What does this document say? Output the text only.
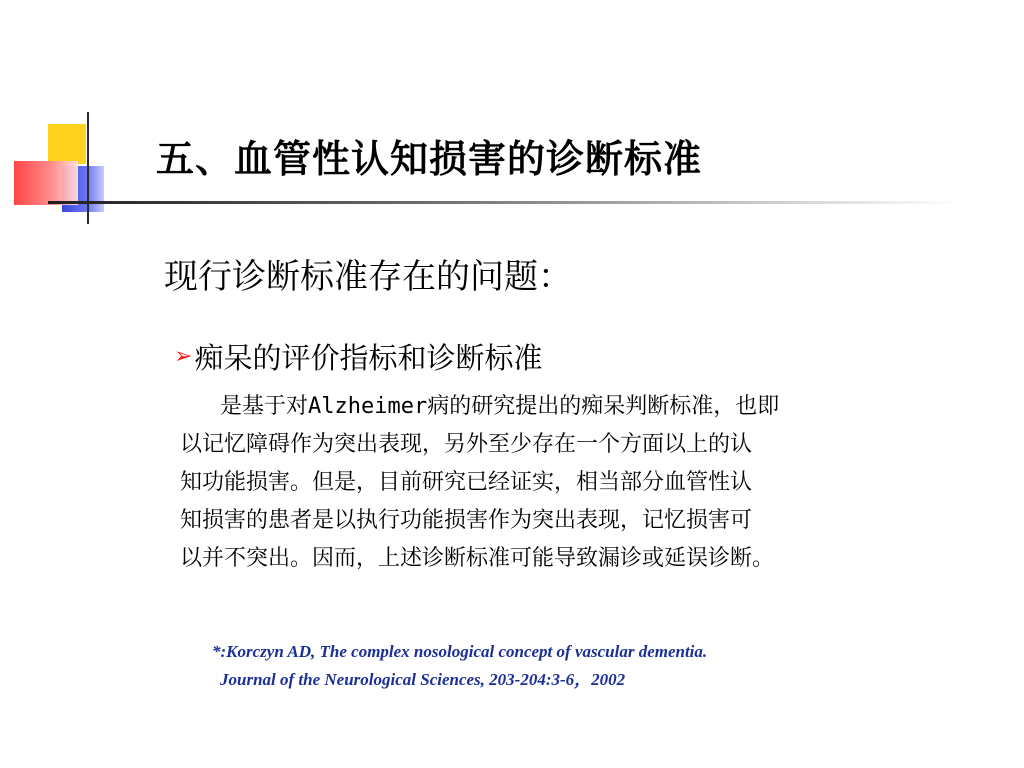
五、血管性认知损害的诊断标准
现行诊断标准存在的问题：
➢痴呆的评价指标和诊断标准
是基于对Alzheimer病的研究提出的痴呆判断标准，也即
以记忆障碍作为突出表现，另外至少存在一个方面以上的认
知功能损害。但是，目前研究已经证实，相当部分血管性认
知损害的患者是以执行功能损害作为突出表现，记忆损害可
以并不突出。因而，上述诊断标准可能导致漏诊或延误诊断。
*:Korczyn AD, The complex nosological concept of vascular dementia.
Journal of the Neurological Sciences, 203-204:3-6，2002
